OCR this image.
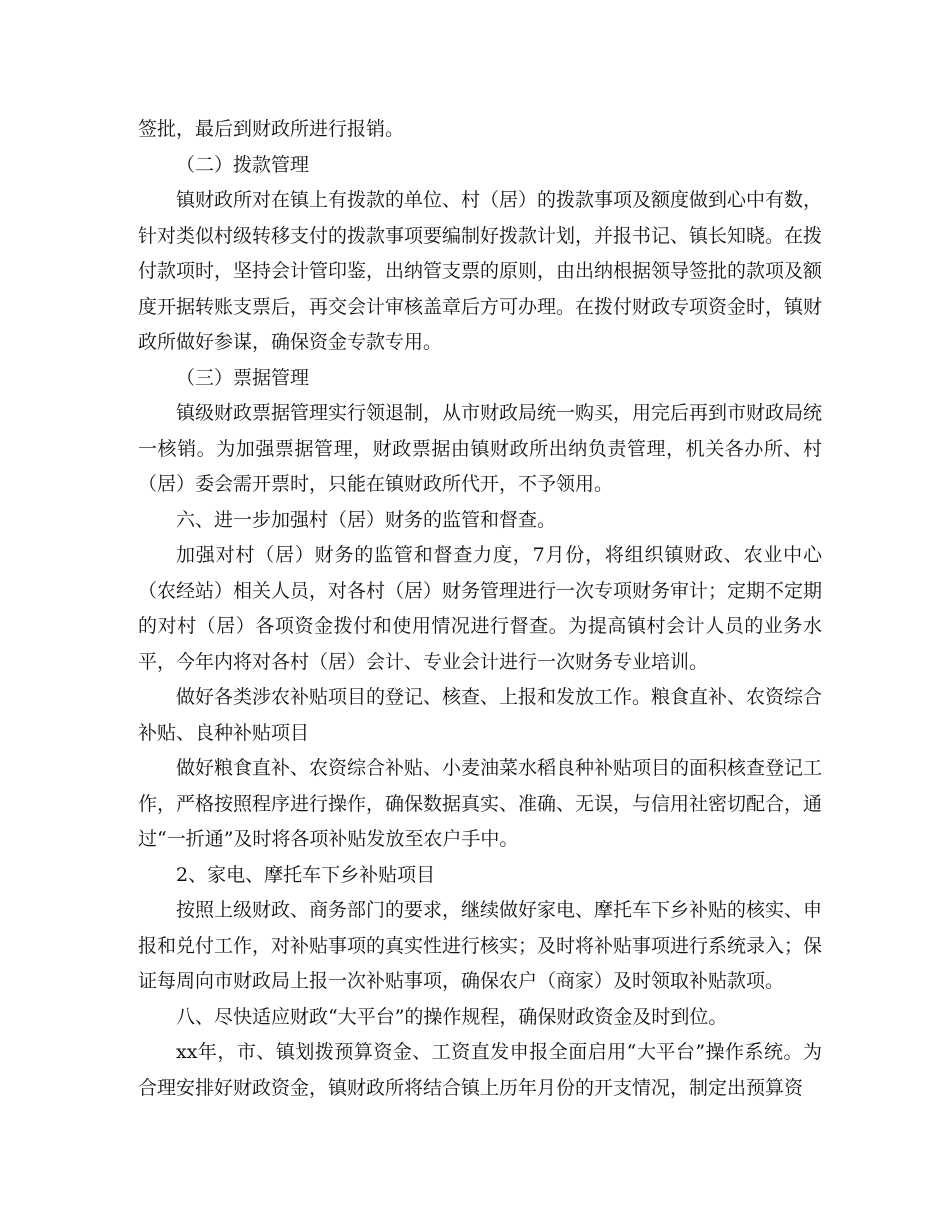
签批，最后到财政所进行报销。

（二）拨款管理

镇财政所对在镇上有拨款的单位、村（居）的拨款事项及额度做到心中有数，针对类似村级转移支付的拨款事项要编制好拨款计划，并报书记、镇长知晓。在拨付款项时，坚持会计管印鉴，出纳管支票的原则，由出纳根据领导签批的款项及额度开据转账支票后，再交会计审核盖章后方可办理。在拨付财政专项资金时，镇财政所做好参谋，确保资金专款专用。

（三）票据管理

镇级财政票据管理实行领退制，从市财政局统一购买，用完后再到市财政局统一核销。为加强票据管理，财政票据由镇财政所出纳负责管理，机关各办所、村（居）委会需开票时，只能在镇财政所代开，不予领用。

六、进一步加强村（居）财务的监管和督查。

加强对村（居）财务的监管和督查力度，7月份，将组织镇财政、农业中心（农经站）相关人员，对各村（居）财务管理进行一次专项财务审计；定期不定期的对村（居）各项资金拨付和使用情况进行督查。为提高镇村会计人员的业务水平，今年内将对各村（居）会计、专业会计进行一次财务专业培训。

做好各类涉农补贴项目的登记、核查、上报和发放工作。粮食直补、农资综合补贴、良种补贴项目

做好粮食直补、农资综合补贴、小麦油菜水稻良种补贴项目的面积核查登记工作，严格按照程序进行操作，确保数据真实、准确、无误，与信用社密切配合，通过“一折通”及时将各项补贴发放至农户手中。

2、家电、摩托车下乡补贴项目

按照上级财政、商务部门的要求，继续做好家电、摩托车下乡补贴的核实、申报和兑付工作，对补贴事项的真实性进行核实；及时将补贴事项进行系统录入；保证每周向市财政局上报一次补贴事项，确保农户（商家）及时领取补贴款项。

八、尽快适应财政“大平台”的操作规程，确保财政资金及时到位。

xx年，市、镇划拨预算资金、工资直发申报全面启用“大平台”操作系统。为合理安排好财政资金，镇财政所将结合镇上历年月份的开支情况，制定出预算资
